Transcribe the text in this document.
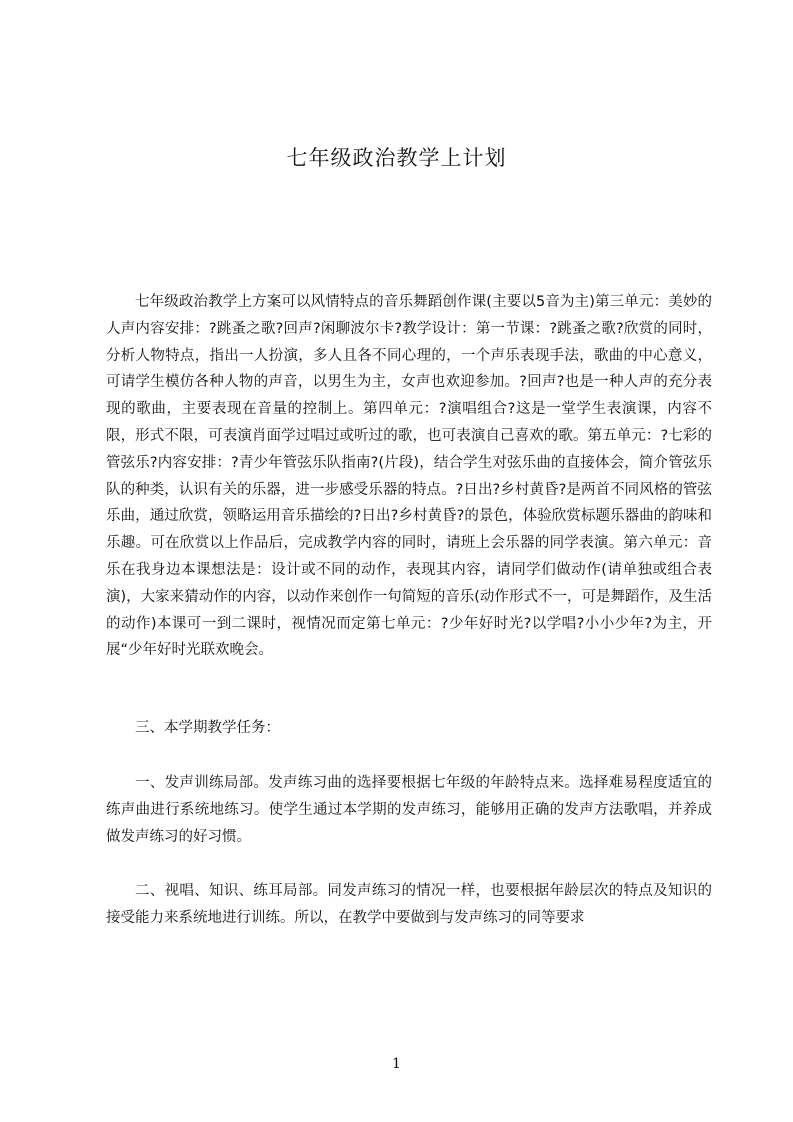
七年级政治教学上计划

七年级政治教学上方案可以风情特点的音乐舞蹈创作课(主要以5音为主)第三单元：美妙的人声内容安排：?跳蚤之歌?回声?闲聊波尔卡?教学设计：第一节课：?跳蚤之歌?欣赏的同时，分析人物特点，指出一人扮演，多人且各不同心理的，一个声乐表现手法，歌曲的中心意义，可请学生模仿各种人物的声音，以男生为主，女声也欢迎参加。?回声?也是一种人声的充分表现的歌曲，主要表现在音量的控制上。第四单元：?演唱组合?这是一堂学生表演课，内容不限，形式不限，可表演肖面学过唱过或听过的歌，也可表演自己喜欢的歌。第五单元：?七彩的管弦乐?内容安排：?青少年管弦乐队指南?(片段)，结合学生对弦乐曲的直接体会，简介管弦乐队的种类，认识有关的乐器，进一步感受乐器的特点。?日出?乡村黄昏?是两首不同风格的管弦乐曲，通过欣赏，领略运用音乐描绘的?日出?乡村黄昏?的景色，体验欣赏标题乐器曲的韵味和乐趣。可在欣赏以上作品后，完成教学内容的同时，请班上会乐器的同学表演。第六单元：音乐在我身边本课想法是：设计或不同的动作，表现其内容，请同学们做动作(请单独或组合表演)，大家来猜动作的内容，以动作来创作一句简短的音乐(动作形式不一，可是舞蹈作，及生活的动作)本课可一到二课时，视情况而定第七单元：?少年好时光?以学唱?小小少年?为主，开展“少年好时光联欢晚会。

三、本学期教学任务：

一、发声训练局部。发声练习曲的选择要根据七年级的年龄特点来。选择难易程度适宜的练声曲进行系统地练习。使学生通过本学期的发声练习，能够用正确的发声方法歌唱，并养成做发声练习的好习惯。

二、视唱、知识、练耳局部。同发声练习的情况一样，也要根据年龄层次的特点及知识的接受能力来系统地进行训练。所以，在教学中要做到与发声练习的同等要求

1
